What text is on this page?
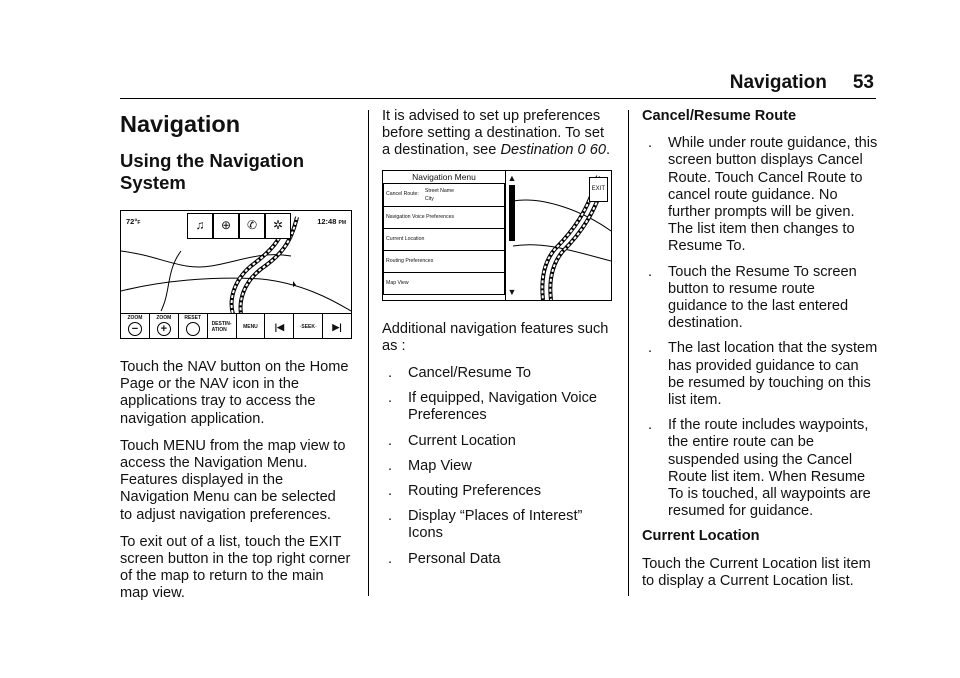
Navigation 53
Navigation
Using the Navigation System
72°F	12:48 PM
♫	⊕	✆	✲
ZOOM
−
ZOOM
+
RESET
DESTIN-
ATION	MENU |◀	◦SEEK◦ ▶|

Touch the NAV button on the Home Page or the NAV icon in the applications tray to access the navigation application.

Touch MENU from the map view to access the Navigation Menu. Features displayed in the Navigation Menu can be selected to adjust navigation preferences.

To exit out of a list, touch the EXIT screen button in the top right corner of the map to return to the main map view.

It is advised to set up preferences before setting a destination. To set a destination, see Destination 0 60.

Navigation Menu
Cancel Route:
Street Name
City
Navigation Voice Preferences
Current Location
Routing Preferences
Map View
▲
▼
EXIT

Additional navigation features such as :

.	Cancel/Resume To
.	If equipped, Navigation Voice Preferences
.	Current Location
.	Map View
.	Routing Preferences
.	Display “Places of Interest” Icons
.	Personal Data
Cancel/Resume Route
.	While under route guidance, this screen button displays Cancel Route. Touch Cancel Route to cancel route guidance. No further prompts will be given. The list item then changes to Resume To.
.	Touch the Resume To screen button to resume route guidance to the last entered destination.
.	The last location that the system has provided guidance to can be resumed by touching on this list item.
.	If the route includes waypoints, the entire route can be suspended using the Cancel Route list item. When Resume To is touched, all waypoints are resumed for guidance.
Current Location

Touch the Current Location list item to display a Current Location list.
